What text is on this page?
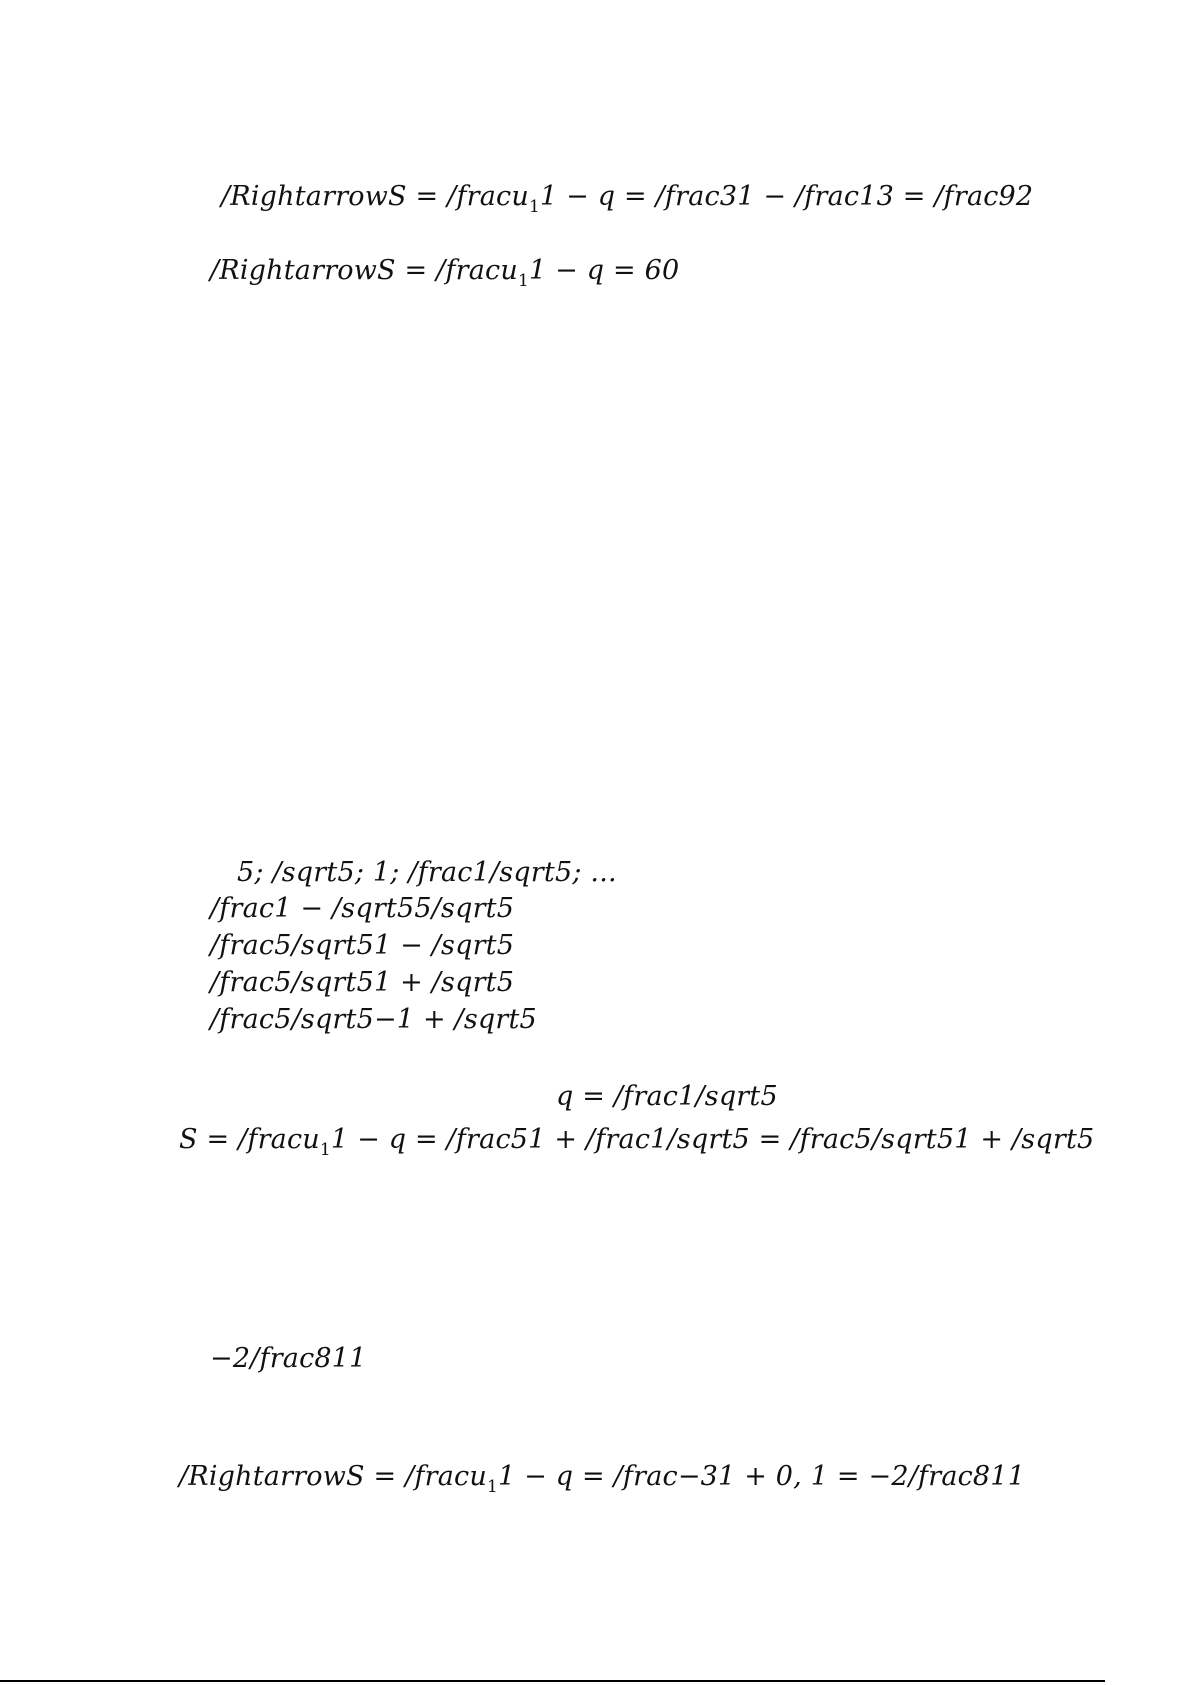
/RightarrowS = /fracu$_1$1 − q = /frac31 − /frac13 = /frac92
/RightarrowS = /fracu$_1$1 − q = 60
5; /sqrt5; 1; /frac1/sqrt5; ...
/frac1 − /sqrt55/sqrt5
/frac5/sqrt51 − /sqrt5
/frac5/sqrt51 + /sqrt5
/frac5/sqrt5−1 + /sqrt5
q = /frac1/sqrt5
S = /fracu$_1$1 − q = /frac51 + /frac1/sqrt5 = /frac5/sqrt51 + /sqrt5
−2/frac811
/RightarrowS = /fracu$_1$1 − q = /frac−31 + 0, 1 = −2/frac811
